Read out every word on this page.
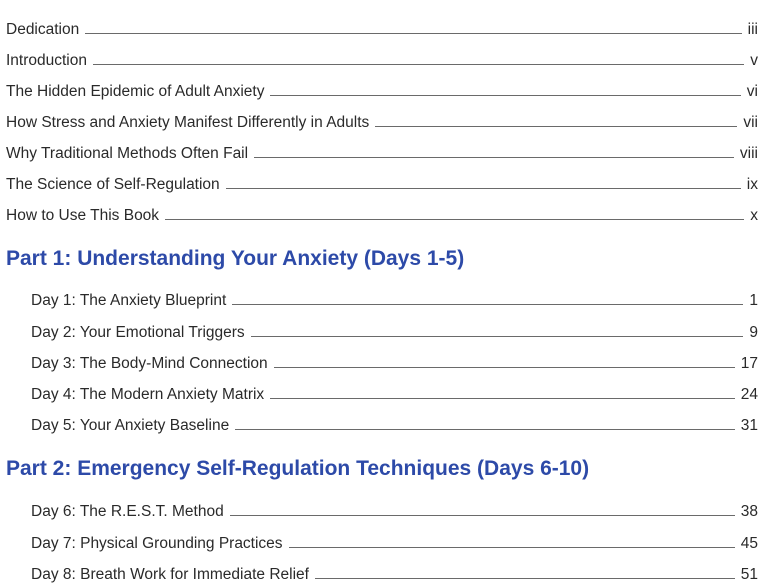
Dedication	iii
Introduction	v
The Hidden Epidemic of Adult Anxiety	vi
How Stress and Anxiety Manifest Differently in Adults	vii
Why Traditional Methods Often Fail	viii
The Science of Self-Regulation	ix
How to Use This Book	x
Part 1: Understanding Your Anxiety (Days 1-5)
Day 1: The Anxiety Blueprint	1
Day 2: Your Emotional Triggers	9
Day 3: The Body-Mind Connection	17
Day 4: The Modern Anxiety Matrix	24
Day 5: Your Anxiety Baseline	31
Part 2: Emergency Self-Regulation Techniques (Days 6-10)
Day 6: The R.E.S.T. Method	38
Day 7: Physical Grounding Practices	45
Day 8: Breath Work for Immediate Relief	51
